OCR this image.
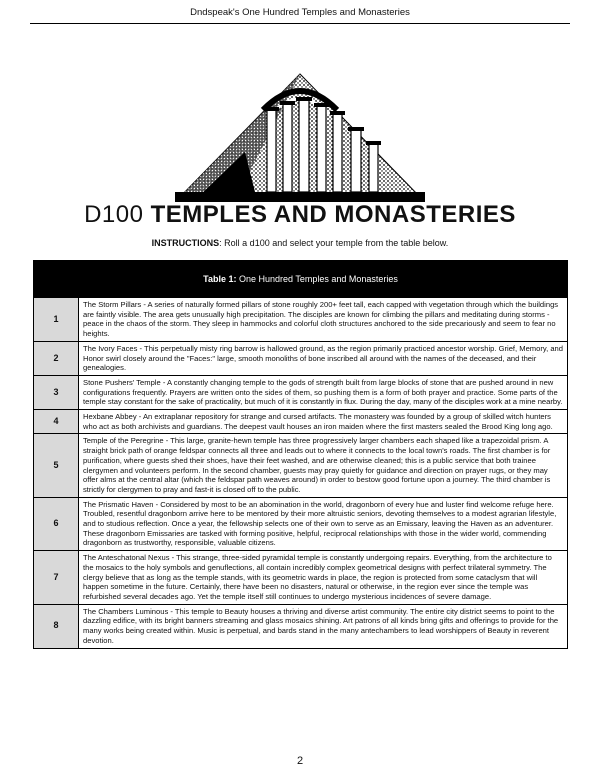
Dndspeak's One Hundred Temples and Monasteries
D100 TEMPLES AND MONASTERIES
INSTRUCTIONS: Roll a d100 and select your temple from the table below.
Table 1: One Hundred Temples and Monasteries	
1	The Storm Pillars - A series of naturally formed pillars of stone roughly 200+ feet tall, each capped with vegetation through which the buildings are faintly visible. The area gets unusually high precipitation. The disciples are known for climbing the pillars and meditating during storms - peace in the chaos of the storm. They sleep in hammocks and colorful cloth structures anchored to the side precariously and seem to fear no heights.
2	The Ivory Faces - This perpetually misty ring barrow is hallowed ground, as the region primarily practiced ancestor worship. Grief, Memory, and Honor swirl closely around the "Faces:" large, smooth monoliths of bone inscribed all around with the names of the deceased, and their genealogies.
3	Stone Pushers' Temple - A constantly changing temple to the gods of strength built from large blocks of stone that are pushed around in new configurations frequently. Prayers are written onto the sides of them, so pushing them is a form of both prayer and practice. Some parts of the temple stay constant for the sake of practicality, but much of it is constantly in flux. During the day, many of the disciples work at a mine nearby.
4	Hexbane Abbey - An extraplanar repository for strange and cursed artifacts. The monastery was founded by a group of skilled witch hunters who act as both archivists and guardians. The deepest vault houses an iron maiden where the first masters sealed the Brood King long ago.
5	Temple of the Peregrine - This large, granite-hewn temple has three progressively larger chambers each shaped like a trapezoidal prism. A straight brick path of orange feldspar connects all three and leads out to where it connects to the local town's roads. The first chamber is for purification, where guests shed their shoes, have their feet washed, and are otherwise cleaned; this is a public service that both trainee clergymen and volunteers perform. In the second chamber, guests may pray quietly for guidance and direction on prayer rugs, or they may offer alms at the central altar (which the feldspar path weaves around) in order to bestow good fortune upon a journey. The third chamber is strictly for clergymen to pray and fast-it is closed off to the public.
6	The Prismatic Haven - Considered by most to be an abomination in the world, dragonborn of every hue and luster find welcome refuge here. Troubled, resentful dragonborn arrive here to be mentored by their more altruistic seniors, devoting themselves to a modest agrarian lifestyle, and to studious reflection. Once a year, the fellowship selects one of their own to serve as an Emissary, leaving the Haven as an adventurer. These dragonborn Emissaries are tasked with forming positive, helpful, reciprocal relationships with those in the wider world, commending dragonborn as trustworthy, responsible, valuable citizens.
7	The Anteschatonal Nexus - This strange, three-sided pyramidal temple is constantly undergoing repairs. Everything, from the architecture to the mosaics to the holy symbols and genuflections, all contain incredibly complex geometrical designs with perfect trilateral symmetry. The clergy believe that as long as the temple stands, with its geometric wards in place, the region is protected from some cataclysm that will happen sometime in the future. Certainly, there have been no disasters, natural or otherwise, in the region ever since the temple was refurbished several decades ago. Yet the temple itself still continues to undergo mysterious incidences of severe damage.
8	The Chambers Luminous - This temple to Beauty houses a thriving and diverse artist community. The entire city district seems to point to the dazzling edifice, with its bright banners streaming and glass mosaics shining. Art patrons of all kinds bring gifts and offerings to provide for the many works being created within. Music is perpetual, and bards stand in the many antechambers to lead worshippers of Beauty in reverent devotion.
2
